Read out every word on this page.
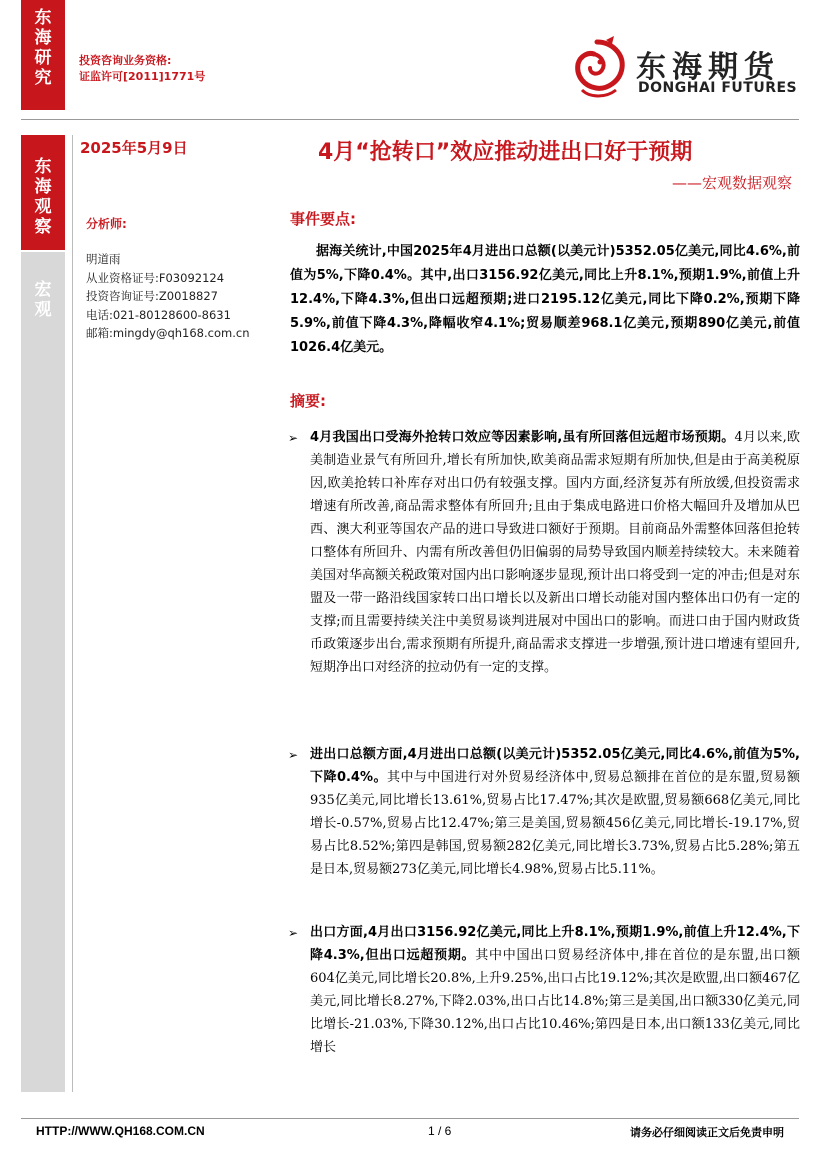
东
海
研
究
投资咨询业务资格:
证监许可[2011]1771号	东海期货
DONGHAI FUTURES
东
海
观
察
宏
观
2025年5月9日	4月“抢转口”效应推动进出口好于预期
——宏观数据观察
分析师:
明道雨
从业资格证号:F03092124
投资咨询证号:Z0018827
电话:021-80128600-8631
邮箱:mingdy@qh168.com.cn
事件要点:
据海关统计,中国2025年4月进出口总额(以美元计)5352.05亿美元,同比4.6%,前值为5%,下降0.4%。其中,出口3156.92亿美元,同比上升8.1%,预期1.9%,前值上升12.4%,下降4.3%,但出口远超预期;进口2195.12亿美元,同比下降0.2%,预期下降5.9%,前值下降4.3%,降幅收窄4.1%;贸易顺差968.1亿美元,预期890亿美元,前值1026.4亿美元。
摘要:
➢ 4月我国出口受海外抢转口效应等因素影响,虽有所回落但远超市场预期。4月以来,欧美制造业景气有所回升,增长有所加快,欧美商品需求短期有所加快,但是由于高美税原因,欧美抢转口补库存对出口仍有较强支撑。国内方面,经济复苏有所放缓,但投资需求增速有所改善,商品需求整体有所回升;且由于集成电路进口价格大幅回升及增加从巴西、澳大利亚等国农产品的进口导致进口额好于预期。目前商品外需整体回落但抢转口整体有所回升、内需有所改善但仍旧偏弱的局势导致国内顺差持续较大。未来随着美国对华高额关税政策对国内出口影响逐步显现,预计出口将受到一定的冲击;但是对东盟及一带一路沿线国家转口出口增长以及新出口增长动能对国内整体出口仍有一定的支撑;而且需要持续关注中美贸易谈判进展对中国出口的影响。而进口由于国内财政货币政策逐步出台,需求预期有所提升,商品需求支撑进一步增强,预计进口增速有望回升,短期净出口对经济的拉动仍有一定的支撑。
➢ 进出口总额方面,4月进出口总额(以美元计)5352.05亿美元,同比4.6%,前值为5%,下降0.4%。其中与中国进行对外贸易经济体中,贸易总额排在首位的是东盟,贸易额935亿美元,同比增长13.61%,贸易占比17.47%;其次是欧盟,贸易额668亿美元,同比增长-0.57%,贸易占比12.47%;第三是美国,贸易额456亿美元,同比增长-19.17%,贸易占比8.52%;第四是韩国,贸易额282亿美元,同比增长3.73%,贸易占比5.28%;第五是日本,贸易额273亿美元,同比增长4.98%,贸易占比5.11%。
➢ 出口方面,4月出口3156.92亿美元,同比上升8.1%,预期1.9%,前值上升12.4%,下降4.3%,但出口远超预期。其中中国出口贸易经济体中,排在首位的是东盟,出口额604亿美元,同比增长20.8%,上升9.25%,出口占比19.12%;其次是欧盟,出口额467亿美元,同比增长8.27%,下降2.03%,出口占比14.8%;第三是美国,出口额330亿美元,同比增长-21.03%,下降30.12%,出口占比10.46%;第四是日本,出口额133亿美元,同比增长
HTTP://WWW.QH168.COM.CN	1 / 6	请务必仔细阅读正文后免责申明
